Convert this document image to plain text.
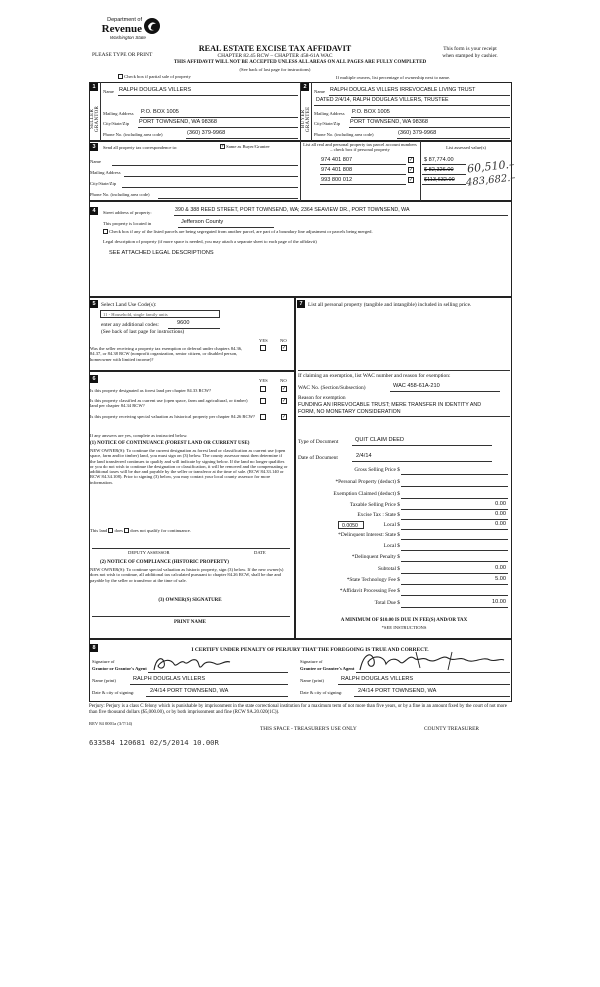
Department of
Revenue
Washington State
PLEASE TYPE OR PRINT
REAL ESTATE EXCISE TAX AFFIDAVIT
CHAPTER 82.45 RCW – CHAPTER 458-61A WAC
THIS AFFIDAVIT WILL NOT BE ACCEPTED UNLESS ALL AREAS ON ALL PAGES ARE FULLY COMPLETED
(See back of last page for instructions)
This form is your receipt
when stamped by cashier.
Check box if partial sale of property	If multiple owners, list percentage of ownership next to name.
1	2
SELLER GRANTOR	BUYER GRANTEE
Name RALPH DOUGLAS VILLERS
Mailing Address P.O. BOX 1005
City/State/Zip PORT TOWNSEND, WA 98368
Phone No. (including area code)	(360) 379-9968
Name RALPH DOUGLAS VILLERS IRREVOCABLE LIVING TRUST
DATED 2/4/14, RALPH DOUGLAS VILLERS, TRUSTEE
Mailing Address P.O. BOX 1005
City/State/Zip PORT TOWNSEND, WA 98368
Phone No. (including area code)	(360) 379-9968
3	Send all property tax correspondence to:	✓ Same as Buyer/Grantee	List all real and personal property tax parcel account numbers – check box if personal property	List assessed value(s)
Name
Mailing Address
City/State/Zip
Phone No. (including area code)
974 401 807	✓ $ 87,774.00
974 401 808	✓ $ 82,326.00
993 800 012	✓ $113,632.00
60,510.–
483,682.–
4	Street address of property:	390 & 388 REED STREET, PORT TOWNSEND, WA; 2364 SEAVIEW DR., PORT TOWNSEND, WA
This property is located in	Jefferson County
Check box if any of the listed parcels are being segregated from another parcel, are part of a boundary line adjustment or parcels being merged.
Legal description of property (if more space is needed, you may attach a separate sheet to each page of the affidavit)
SEE ATTACHED LEGAL DESCRIPTIONS
5	Select Land Use Code(s):
11 - Household, single family units
enter any additional codes:	9600
(See back of last page for instructions)
YES	NO
Was the seller receiving a property tax exemption or deferral under chapters 84.36, 84.37, or 84.38 RCW (nonprofit organization, senior citizen, or disabled person, homeowner with limited income)?
✓
6	YES	NO
Is this property designated as forest land per chapter 84.33 RCW?	✓
Is this property classified as current use (open space, farm and agricultural, or timber) land per chapter 84.34 RCW?
✓
Is this property receiving special valuation as historical property per chapter 84.26 RCW?	✓
If any answers are yes, complete as instructed below.
(1) NOTICE OF CONTINUANCE (FOREST LAND OR CURRENT USE)
NEW OWNER(S): To continue the current designation as forest land or classification as current use (open space, farm and/or timber) land, you must sign on (3) below. The county assessor must then determine if the land transferred continues to qualify and will indicate by signing below. If the land no longer qualifies or you do not wish to continue the designation or classification, it will be removed and the compensating or additional taxes will be due and payable by the seller or transferor at the time of sale. (RCW 84.33.140 or RCW 84.34.108). Prior to signing (3) below, you may contact your local county assessor for more information.
This land does does not qualify for continuance.
DEPUTY ASSESSOR	DATE
(2) NOTICE OF COMPLIANCE (HISTORIC PROPERTY)
NEW OWNER(S): To continue special valuation as historic property, sign (3) below. If the new owner(s) does not wish to continue, all additional tax calculated pursuant to chapter 84.26 RCW, shall be due and payable by the seller or transferor at the time of sale.
(3) OWNER(S) SIGNATURE
PRINT NAME
7	List all personal property (tangible and intangible) included in selling price.
If claiming an exemption, list WAC number and reason for exemption:
WAC No. (Section/Subsection)	WAC 458-61A-210
Reason for exemption
FUNDING AN IRREVOCABLE TRUST; MERE TRANSFER IN IDENTITY AND
FORM, NO MONETARY CONSIDERATION
Type of Document	QUIT CLAIM DEED
Date of Document	2/4/14
Gross Selling Price $
*Personal Property (deduct) $
Exemption Claimed (deduct) $
Taxable Selling Price $	0.00
Excise Tax : State $	0.00
0.0050	Local $	0.00
*Delinquent Interest: State $
Local $
*Delinquent Penalty $
Subtotal $	0.00
*State Technology Fee $	5.00
*Affidavit Processing Fee $
Total Due $	10.00
A MINIMUM OF $10.00 IS DUE IN FEE(S) AND/OR TAX
*SEE INSTRUCTIONS
8	I CERTIFY UNDER PENALTY OF PERJURY THAT THE FOREGOING IS TRUE AND CORRECT.
Signature of
Grantor or Grantor's Agent
Name (print)	RALPH DOUGLAS VILLERS
Date & city of signing:	2/4/14 PORT TOWNSEND, WA
Signature of
Grantee or Grantee's Agent
Name (print)	RALPH DOUGLAS VILLERS
Date & city of signing:	2/4/14 PORT TOWNSEND, WA
Perjury: Perjury is a class C felony which is punishable by imprisonment in the state correctional institution for a maximum term of not more than five years, or by a fine in an amount fixed by the court of not more than five thousand dollars ($5,000.00), or by both imprisonment and fine (RCW 9A.20.020(1C)).
REV 84 0001a (3/7/14)
THIS SPACE - TREASURER'S USE ONLY	COUNTY TREASURER
633584 120681 02/5/2014 10.00R
